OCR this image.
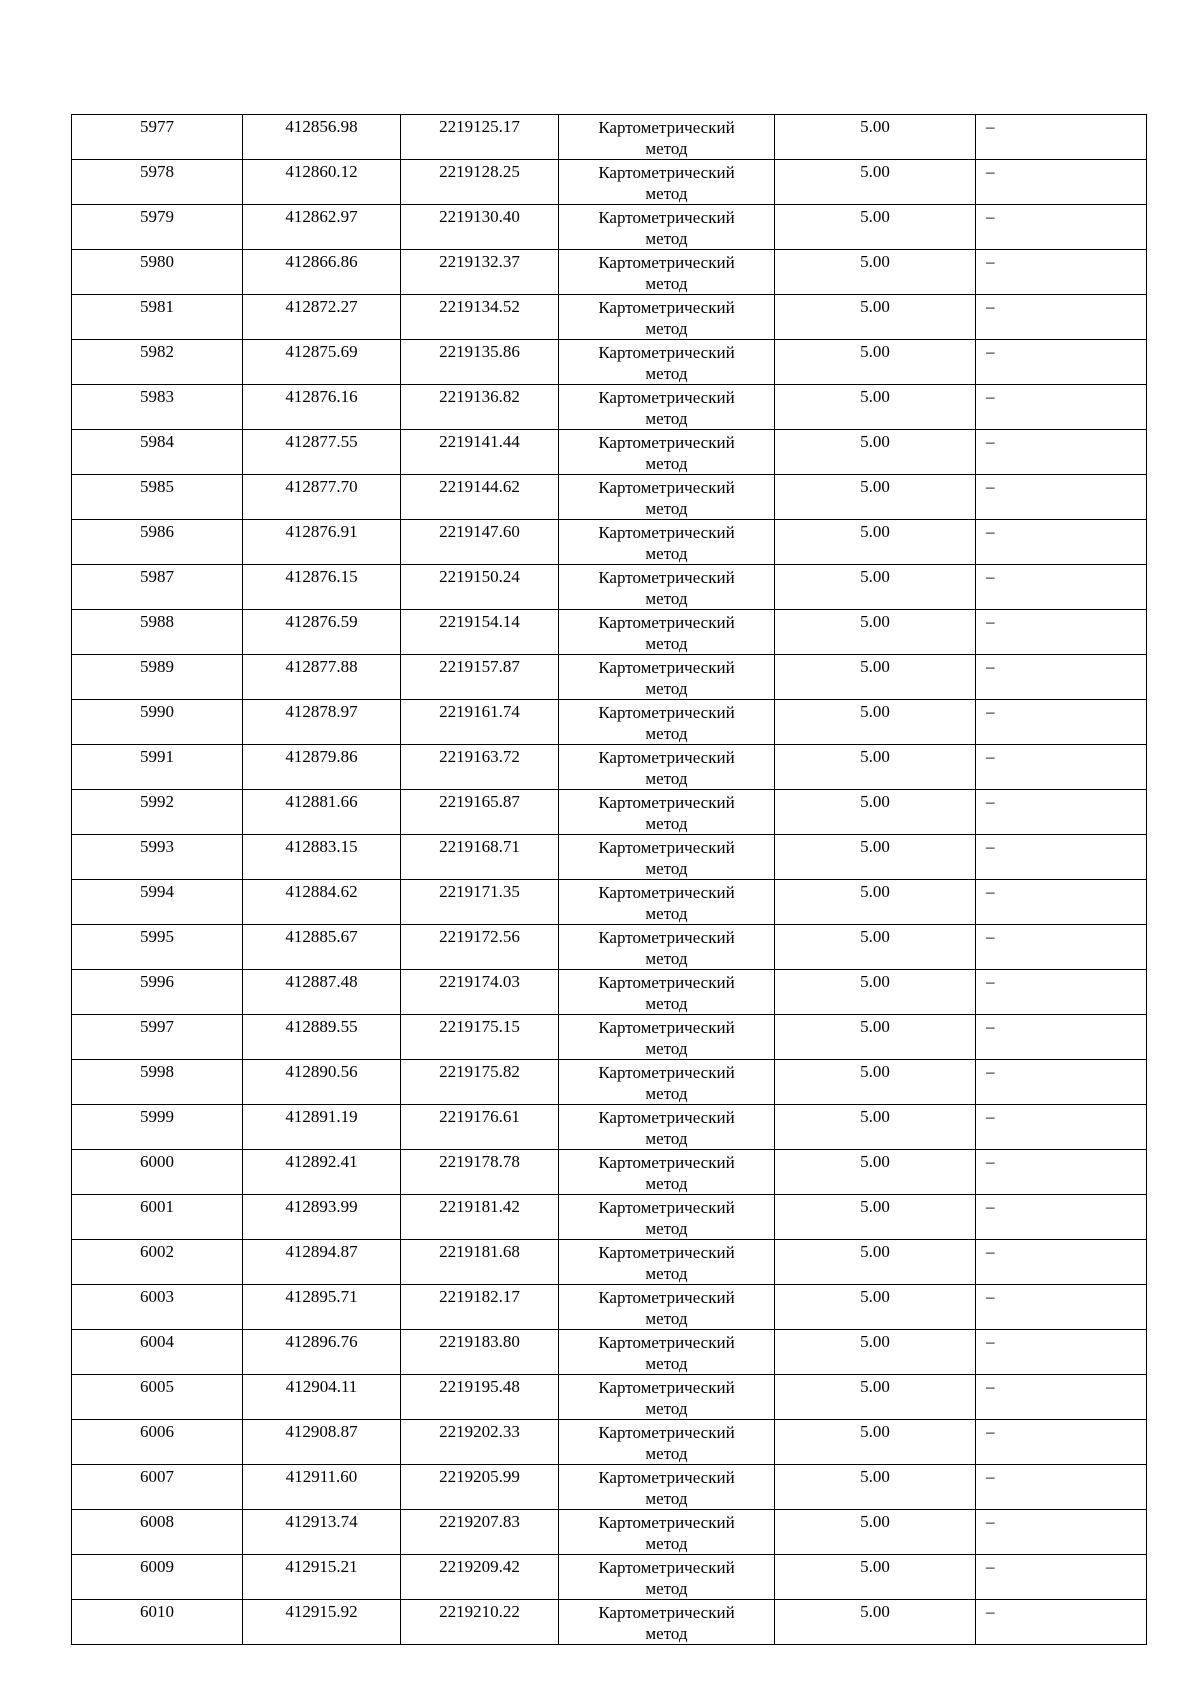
5977	412856.98	2219125.17	Картометрический метод	5.00	–

5978	412860.12	2219128.25	Картометрический метод	5.00	–

5979	412862.97	2219130.40	Картометрический метод	5.00	–

5980	412866.86	2219132.37	Картометрический метод	5.00	–

5981	412872.27	2219134.52	Картометрический метод	5.00	–

5982	412875.69	2219135.86	Картометрический метод	5.00	–

5983	412876.16	2219136.82	Картометрический метод	5.00	–

5984	412877.55	2219141.44	Картометрический метод	5.00	–

5985	412877.70	2219144.62	Картометрический метод	5.00	–

5986	412876.91	2219147.60	Картометрический метод	5.00	–

5987	412876.15	2219150.24	Картометрический метод	5.00	–

5988	412876.59	2219154.14	Картометрический метод	5.00	–

5989	412877.88	2219157.87	Картометрический метод	5.00	–

5990	412878.97	2219161.74	Картометрический метод	5.00	–

5991	412879.86	2219163.72	Картометрический метод	5.00	–

5992	412881.66	2219165.87	Картометрический метод	5.00	–

5993	412883.15	2219168.71	Картометрический метод	5.00	–

5994	412884.62	2219171.35	Картометрический метод	5.00	–

5995	412885.67	2219172.56	Картометрический метод	5.00	–

5996	412887.48	2219174.03	Картометрический метод	5.00	–

5997	412889.55	2219175.15	Картометрический метод	5.00	–

5998	412890.56	2219175.82	Картометрический метод	5.00	–

5999	412891.19	2219176.61	Картометрический метод	5.00	–

6000	412892.41	2219178.78	Картометрический метод	5.00	–

6001	412893.99	2219181.42	Картометрический метод	5.00	–

6002	412894.87	2219181.68	Картометрический метод	5.00	–

6003	412895.71	2219182.17	Картометрический метод	5.00	–

6004	412896.76	2219183.80	Картометрический метод	5.00	–

6005	412904.11	2219195.48	Картометрический метод	5.00	–

6006	412908.87	2219202.33	Картометрический метод	5.00	–

6007	412911.60	2219205.99	Картометрический метод	5.00	–

6008	412913.74	2219207.83	Картометрический метод	5.00	–

6009	412915.21	2219209.42	Картометрический метод	5.00	–

6010	412915.92	2219210.22	Картометрический метод	5.00	–
